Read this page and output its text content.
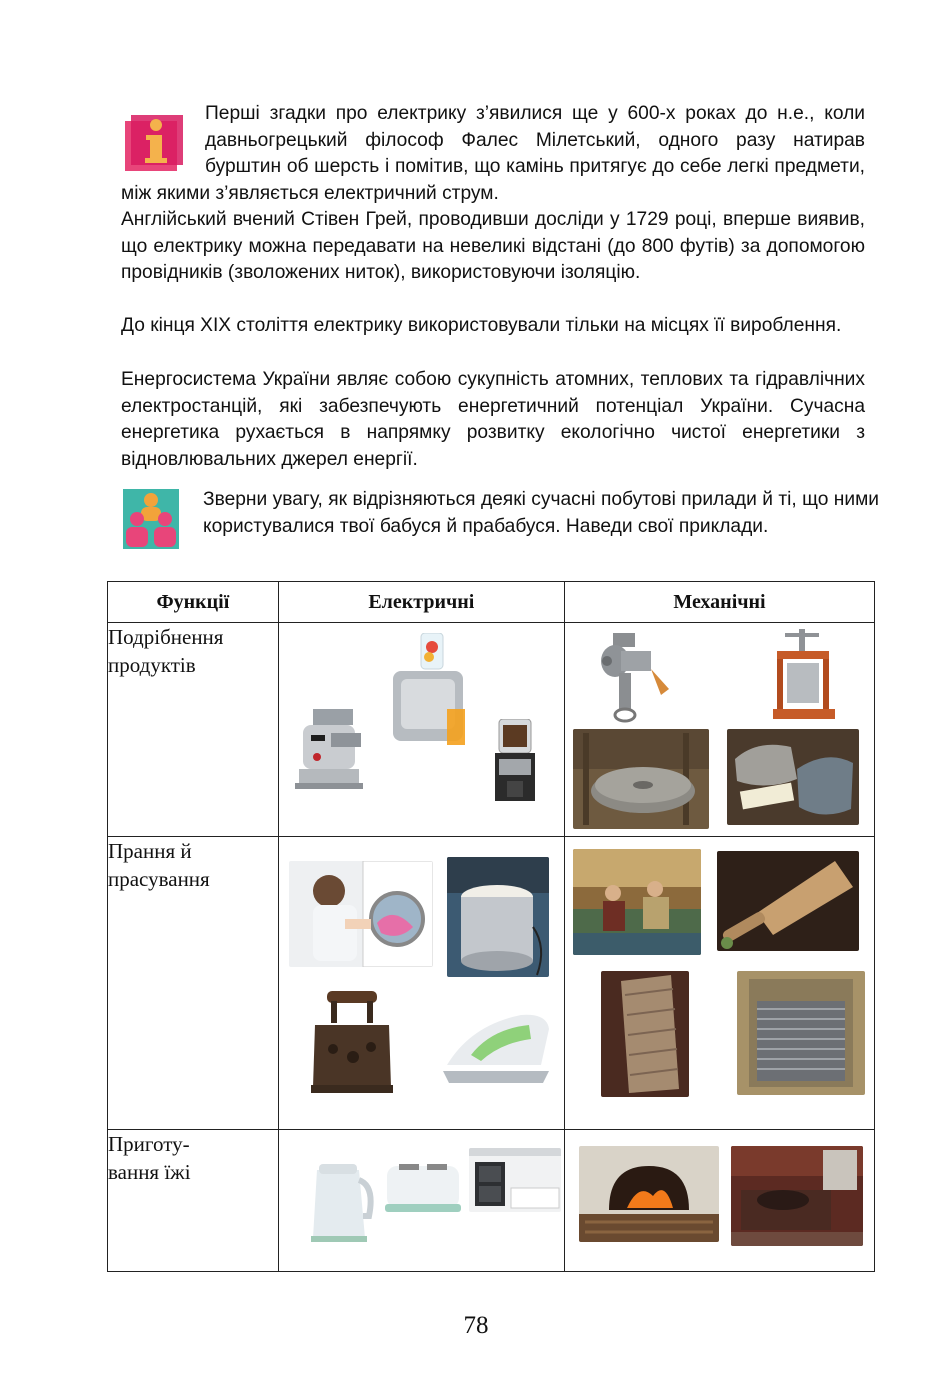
Перші згадки про електрику з’явилися ще у 600-х роках до н.е., коли давньогрецький філософ Фалес Мілетський, одного разу натирав бурштин об шерсть і помітив, що камінь притягує до себе легкі предмети, між якими з’являється електричний струм.

Англійський вчений Стівен Грей, проводивши досліди у 1729 році, вперше виявив, що електрику можна передавати на невеликі відстані (до 800 футів) за допомогою провідників (зволожених ниток), використовуючи ізоляцію.

До кінця XIX століття електрику використовували тільки на місцях її вироблення.

Енергосистема України являє собою сукупність атомних, теплових та гідравлічних електростанцій, які забезпечують енергетичний потенціал України. Сучасна енергетика рухається в напрямку розвитку екологічно чистої енергетики з відновлювальних джерел енергії.

Зверни увагу, як відрізняються деякі сучасні побутові прилади й ті, що ними користувалися твої бабуся й прабабуся. Наведи свої приклади.

Функції	Електричні	Механічні
Подрібнення
продуктів	

Прання й
прасування	

Приготу-
вання їжі	

78
